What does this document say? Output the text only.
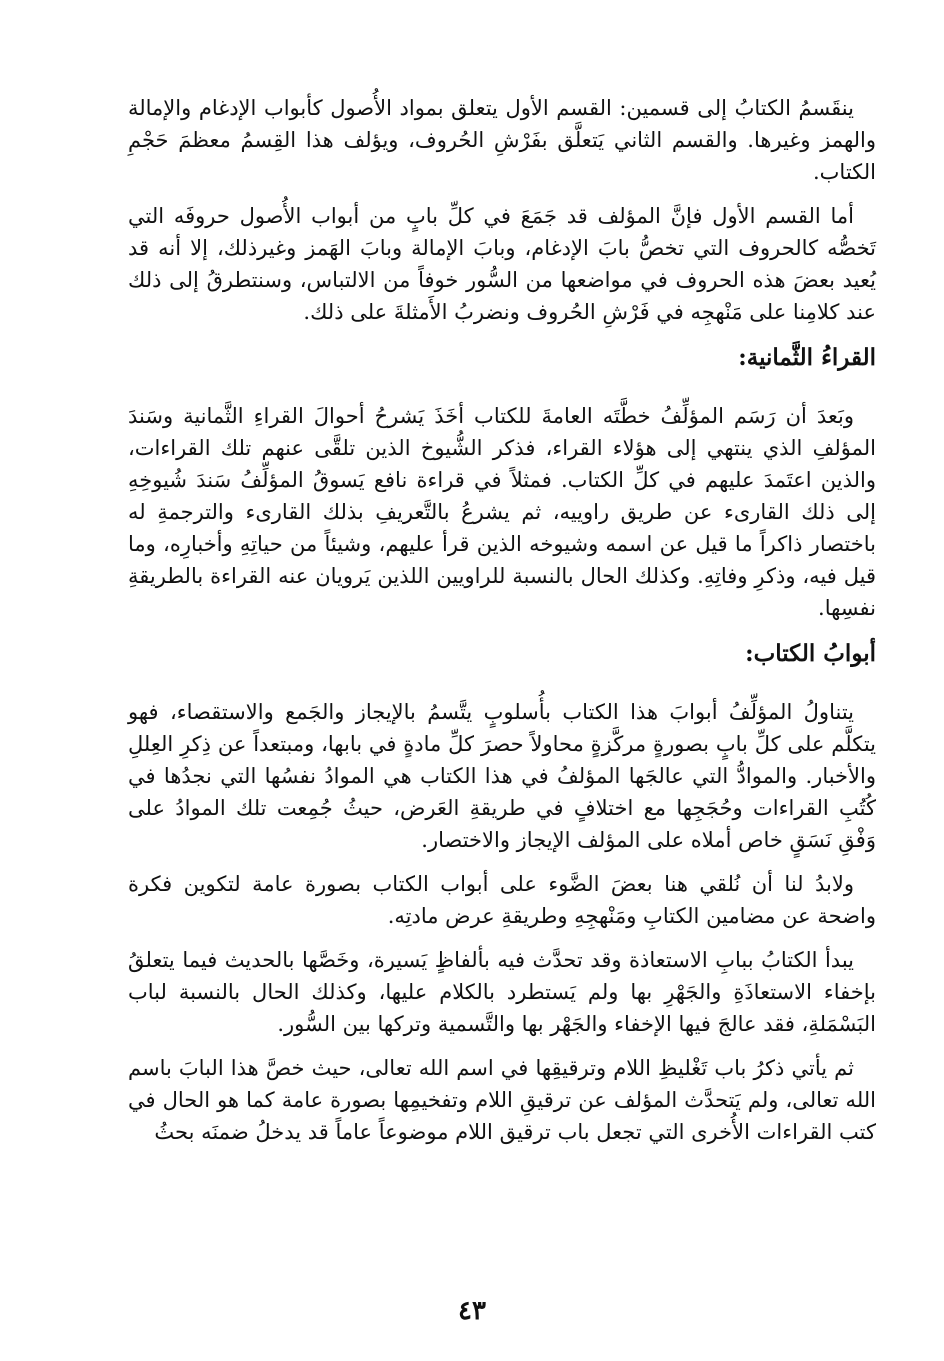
ينقَسمُ الكتابُ إلى قسمين: القسم الأول يتعلق بمواد الأُصول كأبواب الإدغام والإمالة والهمز وغيرها. والقسم الثاني يَتعلَّق بفَرْشِ الحُروف، ويؤلف هذا القِسمُ معظمَ حَجْمِ الكتاب.

أما القسم الأول فإنَّ المؤلف قد جَمَعَ في كلِّ بابٍ من أبواب الأُصول حروفَه التي تَخصُّه كالحروف التي تخصُّ بابَ الإدغام، وبابَ الإمالة وبابَ الهَمز وغيرذلك، إلا أنه قد يُعيد بعضَ هذه الحروف في مواضعها من السُّور خوفاً من الالتباس، وسنتطرقُ إلى ذلك عند كلامِنا على مَنْهجِه في فَرْشِ الحُروف ونضربُ الأَمثلةَ على ذلك.

القراءُ الثَّمانية:

وبَعدَ أن رَسَم المؤلِّفُ خطَّتَه العامةَ للكتاب أخَذَ يَشرحُ أحوالَ القراءِ الثَّمانية وسَندَ المؤلفِ الذي ينتهي إلى هؤلاء القراء، فذكر الشُّيوخ الذين تلقَّى عنهم تلك القراءات، والذين اعتَمدَ عليهم في كلِّ الكتاب. فمثلاً في قراءة نافع يَسوقُ المؤلِّفُ سَندَ شُيوخِهِ إلى ذلك القارىء عن طريق راوييه، ثم يشرعُ بالتَّعريفِ بذلك القارىء والترجمةِ له باختصار ذاكراً ما قيل عن اسمه وشيوخه الذين قرأ عليهم، وشيئاً من حياتِهِ وأخبارِه، وما قيل فيه، وذكرِ وفاتِهِ. وكذلك الحال بالنسبة للراويين اللذين يَرويان عنه القراءة بالطريقةِ نفسِها.

أبوابُ الكتاب:

يتناولُ المؤلِّفُ أبوابَ هذا الكتاب بأُسلوبٍ يتَّسمُ بالإيجاز والجَمع والاستقصاء، فهو يتكلَّم على كلِّ بابٍ بصورةٍ مركَّزةٍ محاولاً حصرَ كلِّ مادةٍ في بابها، ومبتعداً عن ذِكرِ العِللِ والأخبار. والموادُّ التي عالجَها المؤلفُ في هذا الكتاب هي الموادُ نفسُها التي نجدُها في كُتُبِ القراءات وحُجَجِها مع اختلافٍ في طريقةِ العَرض، حيثُ جُمِعت تلك الموادُ على وَفْقِ نَسَقٍ خاص أملاه على المؤلف الإيجاز والاختصار.

ولابدُ لنا أن نُلقي هنا بعضَ الضَّوء على أبواب الكتاب بصورة عامة لتكوين فكرة واضحة عن مضامين الكتابِ ومَنْهجِهِ وطريقةِ عرض مادتِه.

يبدأ الكتابُ ببابِ الاستعاذة وقد تحدَّث فيه بألفاظٍ يَسيرة، وخَصَّها بالحديث فيما يتعلقُ بإخفاء الاستعاذَةِ والجَهْرِ بها ولم يَستطرد بالكلام عليها، وكذلك الحال بالنسبة لباب البَسْمَلةِ، فقد عالجَ فيها الإخفاء والجَهْر بها والتَّسمية وتركها بين السُّور.

ثم يأتي ذكرُ باب تَغْليظِ اللام وترقيقِها في اسم الله تعالى، حيث خصَّ هذا البابَ باسم الله تعالى، ولم يَتحدَّث المؤلف عن ترقيقِ اللام وتفخيمِها بصورة عامة كما هو الحال في كتب القراءات الأُخرى التي تجعل باب ترقيق اللام موضوعاً عاماً قد يدخلُ ضمنَه بحثُ

٤٣
